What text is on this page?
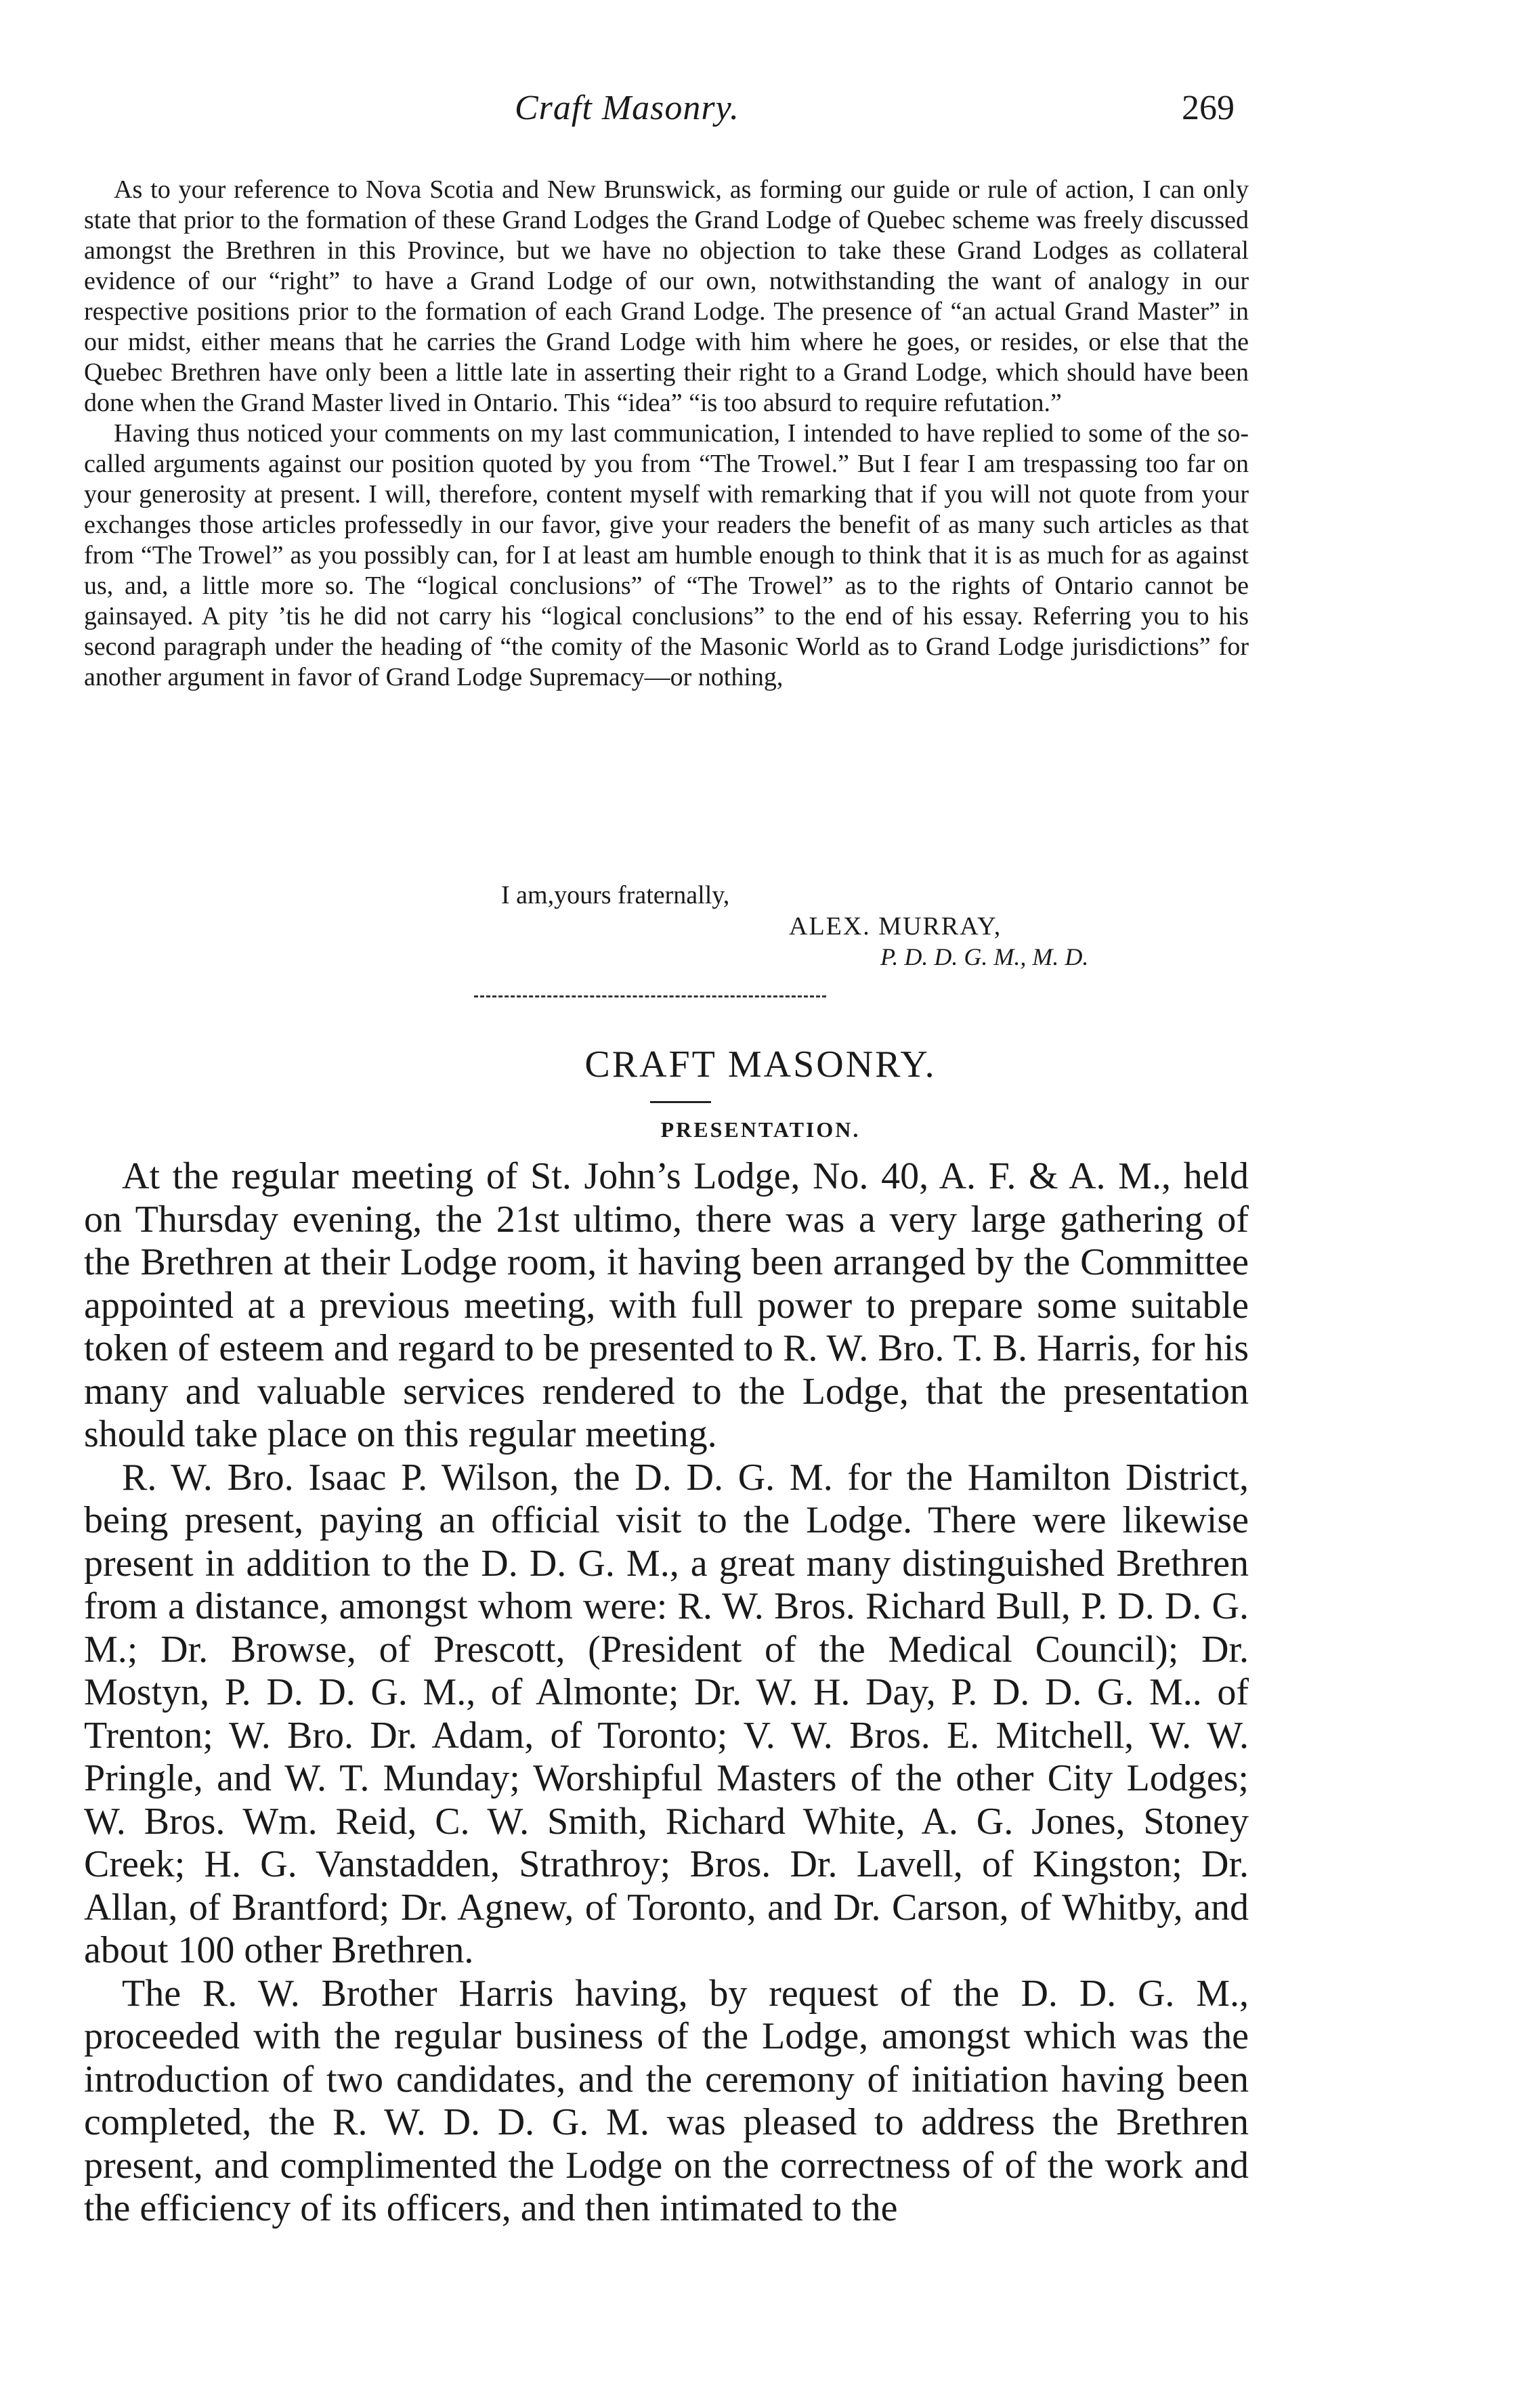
Craft Masonry.	269

As to your reference to Nova Scotia and New Brunswick, as forming our guide or rule of action, I can only state that prior to the formation of these Grand Lodges the Grand Lodge of Quebec scheme was freely discussed amongst the Brethren in this Province, but we have no objection to take these Grand Lodges as collateral evidence of our “right” to have a Grand Lodge of our own, notwithstanding the want of analogy in our respective positions prior to the formation of each Grand Lodge. The presence of “an actual Grand Master” in our midst, either means that he carries the Grand Lodge with him where he goes, or resides, or else that the Quebec Brethren have only been a little late in asserting their right to a Grand Lodge, which should have been done when the Grand Master lived in Ontario. This “idea” “is too absurd to require refutation.”

Having thus noticed your comments on my last communication, I intended to have replied to some of the so-called arguments against our position quoted by you from “The Trowel.” But I fear I am trespassing too far on your generosity at present. I will, therefore, content myself with remarking that if you will not quote from your exchanges those articles professedly in our favor, give your readers the benefit of as many such articles as that from “The Trowel” as you possibly can, for I at least am humble enough to think that it is as much for as against us, and, a little more so. The “logical conclusions” of “The Trowel” as to the rights of Ontario cannot be gainsayed. A pity ’tis he did not carry his “logical conclusions” to the end of his essay. Referring you to his second paragraph under the heading of “the comity of the Masonic World as to Grand Lodge jurisdictions” for another argument in favor of Grand Lodge Supremacy—or nothing,

I am,yours fraternally,
ALEX. MURRAY,
P. D. D. G. M., M. D.
CRAFT MASONRY.
PRESENTATION.

At the regular meeting of St. John’s Lodge, No. 40, A. F. & A. M., held on Thursday evening, the 21st ultimo, there was a very large gathering of the Brethren at their Lodge room, it having been arranged by the Committee appointed at a previous meeting, with full power to prepare some suitable token of esteem and regard to be presented to R. W. Bro. T. B. Harris, for his many and valuable services rendered to the Lodge, that the presentation should take place on this regular meeting.

R. W. Bro. Isaac P. Wilson, the D. D. G. M. for the Hamilton District, being present, paying an official visit to the Lodge. There were likewise present in addition to the D. D. G. M., a great many distinguished Brethren from a distance, amongst whom were: R. W. Bros. Richard Bull, P. D. D. G. M.; Dr. Browse, of Prescott, (President of the Medical Council); Dr. Mostyn, P. D. D. G. M., of Almonte; Dr. W. H. Day, P. D. D. G. M.. of Trenton; W. Bro. Dr. Adam, of Toronto; V. W. Bros. E. Mitchell, W. W. Pringle, and W. T. Munday; Worshipful Masters of the other City Lodges; W. Bros. Wm. Reid, C. W. Smith, Richard White, A. G. Jones, Stoney Creek; H. G. Vanstadden, Strathroy; Bros. Dr. Lavell, of Kingston; Dr. Allan, of Brantford; Dr. Agnew, of Toronto, and Dr. Carson, of Whitby, and about 100 other Brethren.

The R. W. Brother Harris having, by request of the D. D. G. M., proceeded with the regular business of the Lodge, amongst which was the introduction of two candidates, and the ceremony of initiation having been completed, the R. W. D. D. G. M. was pleased to address the Brethren present, and complimented the Lodge on the correctness of of the work and the efficiency of its officers, and then intimated to the
